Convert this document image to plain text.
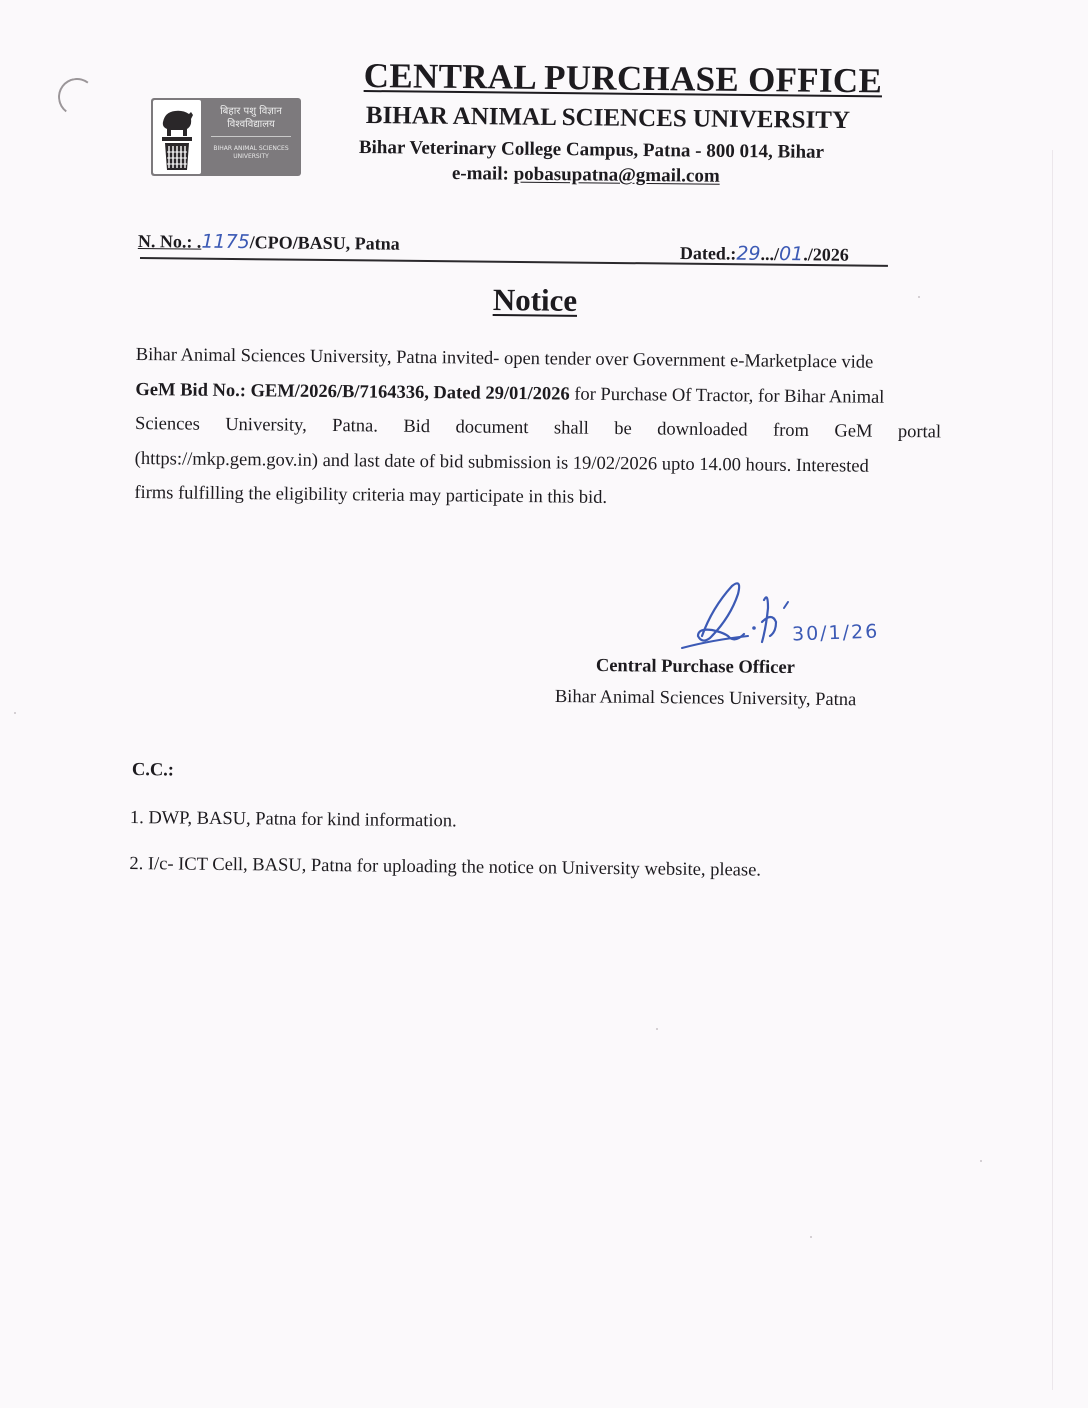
बिहार पशु विज्ञान विश्वविद्यालय
BIHAR ANIMAL SCIENCES UNIVERSITY
CENTRAL PURCHASE OFFICE
BIHAR ANIMAL SCIENCES UNIVERSITY
Bihar Veterinary College Campus, Patna - 800 014, Bihar
e-mail: pobasupatna@gmail.com
N. No.: .1175/CPO/BASU, Patna	Dated.:29.../01./2026
Notice
Bihar Animal Sciences University, Patna invited- open tender over Government e-Marketplace vide
GeM Bid No.: GEM/2026/B/7164336, Dated 29/01/2026 for Purchase Of Tractor, for Bihar Animal
Sciences University, Patna. Bid document shall be downloaded from GeM portal
(https://mkp.gem.gov.in) and last date of bid submission is 19/02/2026 upto 14.00 hours. Interested
firms fulfilling the eligibility criteria may participate in this bid.
30/1/26
Central Purchase Officer
Bihar Animal Sciences University, Patna
C.C.:
1. DWP, BASU, Patna for kind information.
2. I/c- ICT Cell, BASU, Patna for uploading the notice on University website, please.
